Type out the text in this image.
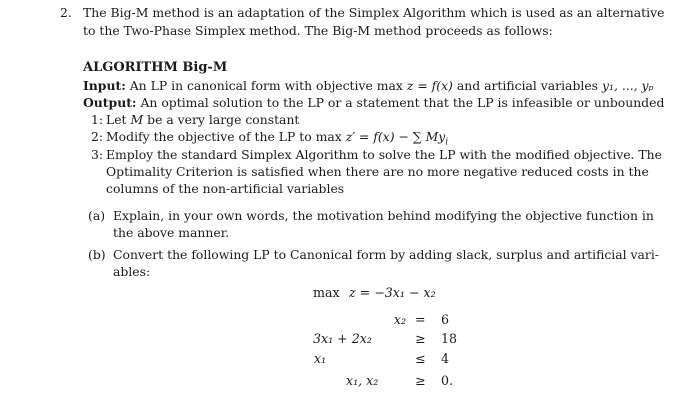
2. The Big-M method is an adaptation of the Simplex Algorithm which is used as an alternative
to the Two-Phase Simplex method. The Big-M method proceeds as follows:
ALGORITHM Big-M
Input: An LP in canonical form with objective max z = f(x) and artificial variables y₁, ..., yₚ
Output: An optimal solution to the LP or a statement that the LP is infeasible or unbounded
1: Let M be a very large constant
2: Modify the objective of the LP to max z′ = f(x) − ∑ $My_i$
3: Employ the standard Simplex Algorithm to solve the LP with the modified objective. The
Optimality Criterion is satisfied when there are no more negative reduced costs in the
columns of the non-artificial variables
(a) Explain, in your own words, the motivation behind modifying the objective function in
the above manner.
(b) Convert the following LP to Canonical form by adding slack, surplus and artificial vari-
ables:
max z = −3x₁ − x₂
x₂ = 6
3x₁ + 2x₂	≥ 18
x₁	≤ 4
x₁, x₂	≥ 0.
